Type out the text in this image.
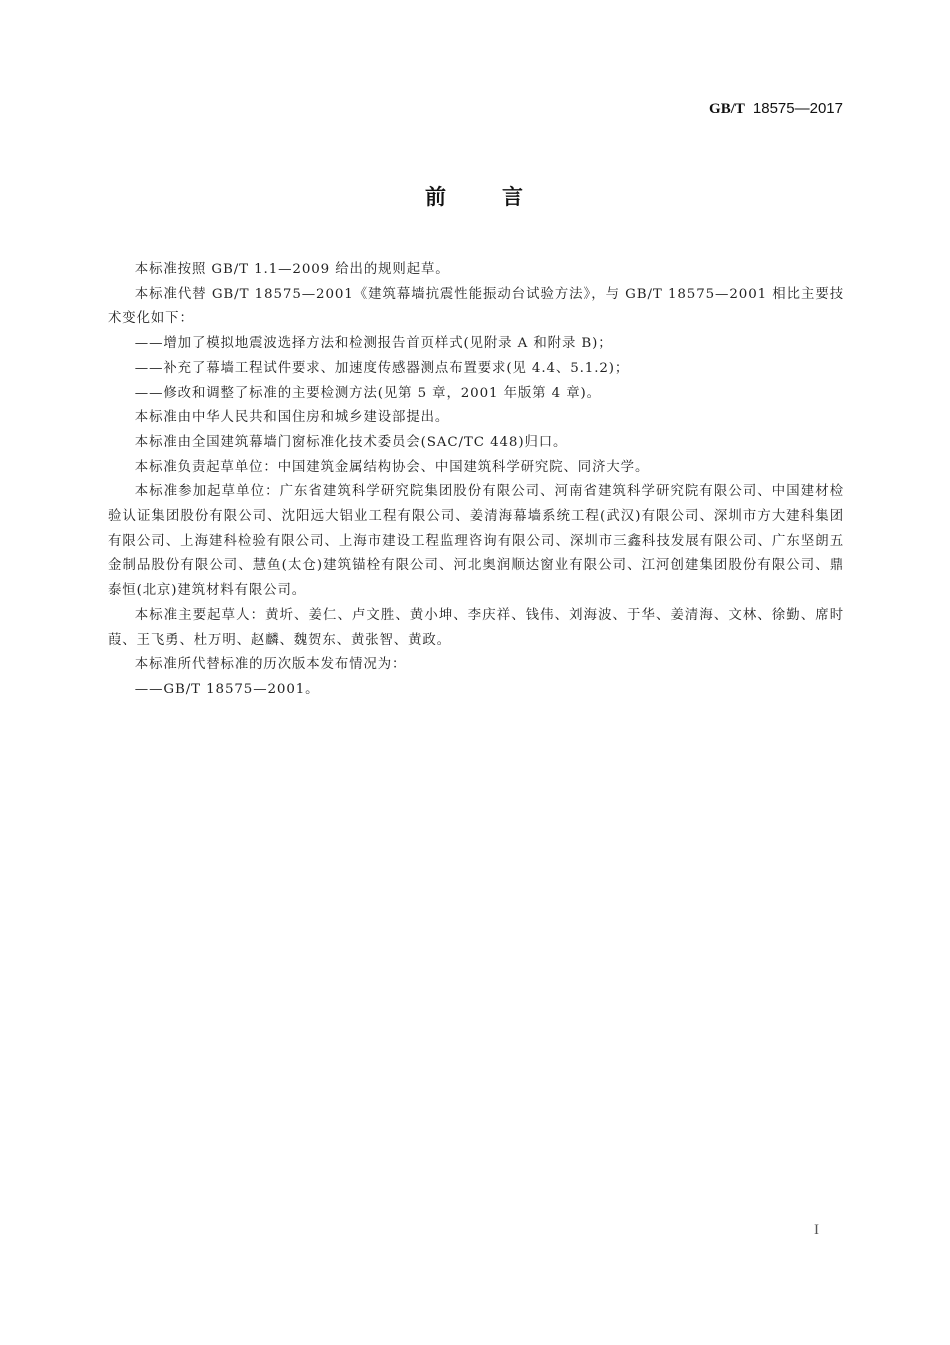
GB/T 18575—2017
前	言

本标准按照 GB/T 1.1—2009 给出的规则起草。

本标准代替 GB/T 18575—2001《建筑幕墙抗震性能振动台试验方法》，与 GB/T 18575—2001 相比主要技术变化如下：

——增加了模拟地震波选择方法和检测报告首页样式(见附录 A 和附录 B)；

——补充了幕墙工程试件要求、加速度传感器测点布置要求(见 4.4、5.1.2)；

——修改和调整了标准的主要检测方法(见第 5 章，2001 年版第 4 章)。

本标准由中华人民共和国住房和城乡建设部提出。

本标准由全国建筑幕墙门窗标准化技术委员会(SAC/TC 448)归口。

本标准负责起草单位：中国建筑金属结构协会、中国建筑科学研究院、同济大学。

本标准参加起草单位：广东省建筑科学研究院集团股份有限公司、河南省建筑科学研究院有限公司、中国建材检验认证集团股份有限公司、沈阳远大铝业工程有限公司、姜清海幕墙系统工程(武汉)有限公司、深圳市方大建科集团有限公司、上海建科检验有限公司、上海市建设工程监理咨询有限公司、深圳市三鑫科技发展有限公司、广东坚朗五金制品股份有限公司、慧鱼(太仓)建筑锚栓有限公司、河北奥润顺达窗业有限公司、江河创建集团股份有限公司、鼎泰恒(北京)建筑材料有限公司。

本标准主要起草人：黄圻、姜仁、卢文胜、黄小坤、李庆祥、钱伟、刘海波、于华、姜清海、文林、徐勤、席时葭、王飞勇、杜万明、赵麟、魏贺东、黄张智、黄政。

本标准所代替标准的历次版本发布情况为：

——GB/T 18575—2001。

I
